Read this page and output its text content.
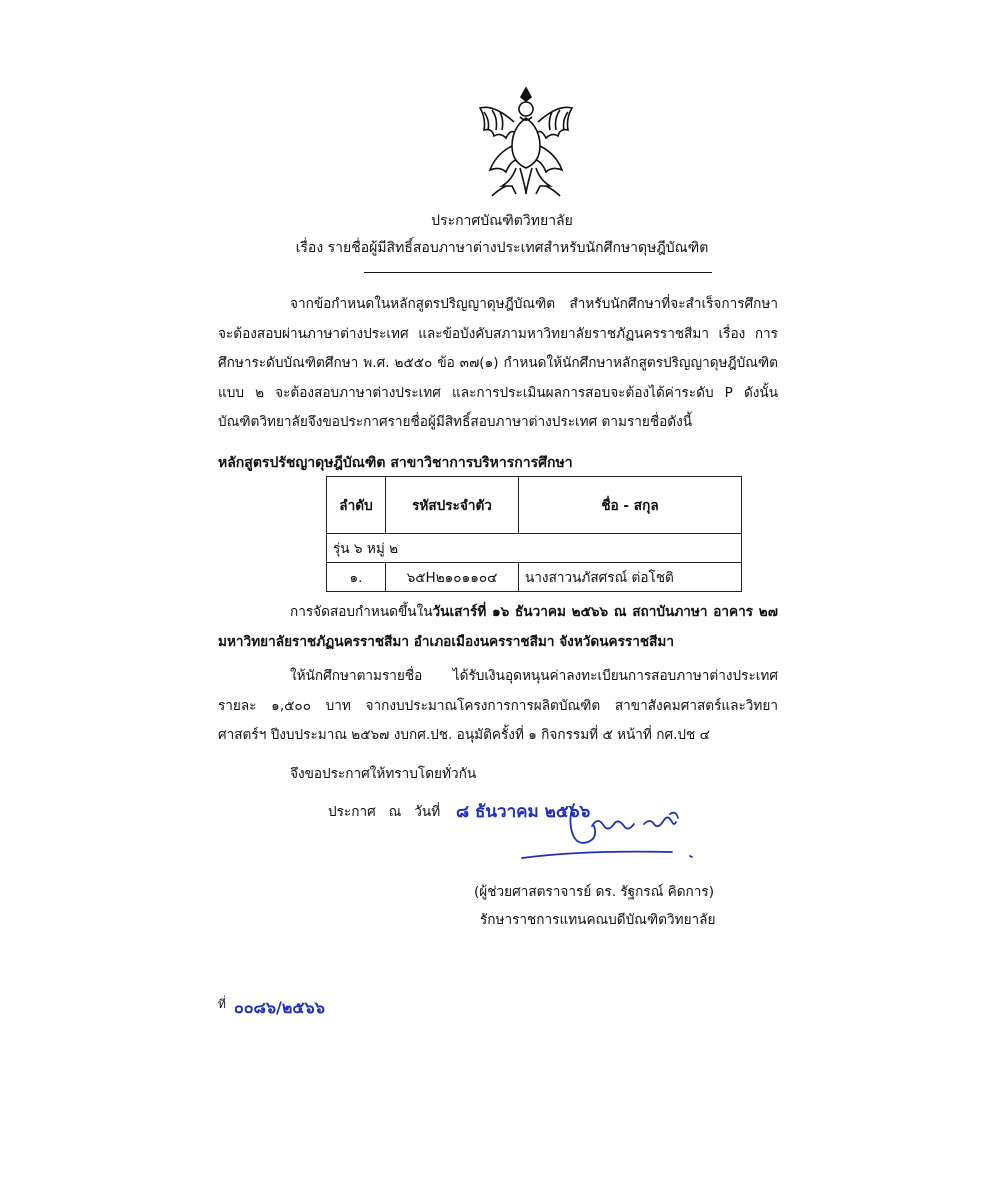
ประกาศบัณฑิตวิทยาลัย
เรื่อง รายชื่อผู้มีสิทธิ์สอบภาษาต่างประเทศสำหรับนักศึกษาดุษฎีบัณฑิต
จากข้อกำหนดในหลักสูตรปริญญาดุษฎีบัณฑิต สำหรับนักศึกษาที่จะสำเร็จการศึกษา จะต้องสอบผ่านภาษาต่างประเทศ และข้อบังคับสภามหาวิทยาลัยราชภัฏนครราชสีมา เรื่อง การศึกษาระดับบัณฑิตศึกษา พ.ศ. ๒๕๕๐ ข้อ ๓๗(๑) กำหนดให้นักศึกษาหลักสูตรปริญญาดุษฎีบัณฑิต แบบ ๒ จะต้องสอบภาษาต่างประเทศ และการประเมินผลการสอบจะต้องได้ค่าระดับ P ดังนั้น บัณฑิตวิทยาลัยจึงขอประกาศรายชื่อผู้มีสิทธิ์สอบภาษาต่างประเทศ ตามรายชื่อดังนี้
หลักสูตรปรัชญาดุษฎีบัณฑิต สาขาวิชาการบริหารการศึกษา
ลำดับ	รหัสประจำตัว	ชื่อ - สกุล
รุ่น ๖ หมู่ ๒		
๑.	๖๕H๒๑๐๑๑๐๔	นางสาวนภัสศรณ์ ต่อโชติ
การจัดสอบกำหนดขึ้นในวันเสาร์ที่ ๑๖ ธันวาคม ๒๕๖๖ ณ สถาบันภาษา อาคาร ๒๗ มหาวิทยาลัยราชภัฏนครราชสีมา อำเภอเมืองนครราชสีมา จังหวัดนครราชสีมา
ให้นักศึกษาตามรายชื่อ ได้รับเงินอุดหนุนค่าลงทะเบียนการสอบภาษาต่างประเทศ รายละ ๑,๕๐๐ บาท จากงบประมาณโครงการการผลิตบัณฑิต สาขาสังคมศาสตร์และวิทยาศาสตร์ฯ ปีงบประมาณ ๒๕๖๗ งบกศ.ปช. อนุมัติครั้งที่ ๑ กิจกรรมที่ ๕ หน้าที่ กศ.ปช ๔
จึงขอประกาศให้ทราบโดยทั่วกัน
ประกาศ   ณ   วันที่ ๘ ธันวาคม ๒๕๖๖
(ผู้ช่วยศาสตราจารย์ ดร. รัฐกรณ์ คิดการ)
รักษาราชการแทนคณบดีบัณฑิตวิทยาลัย
ที่ ๐๐๘๖/๒๕๖๖
